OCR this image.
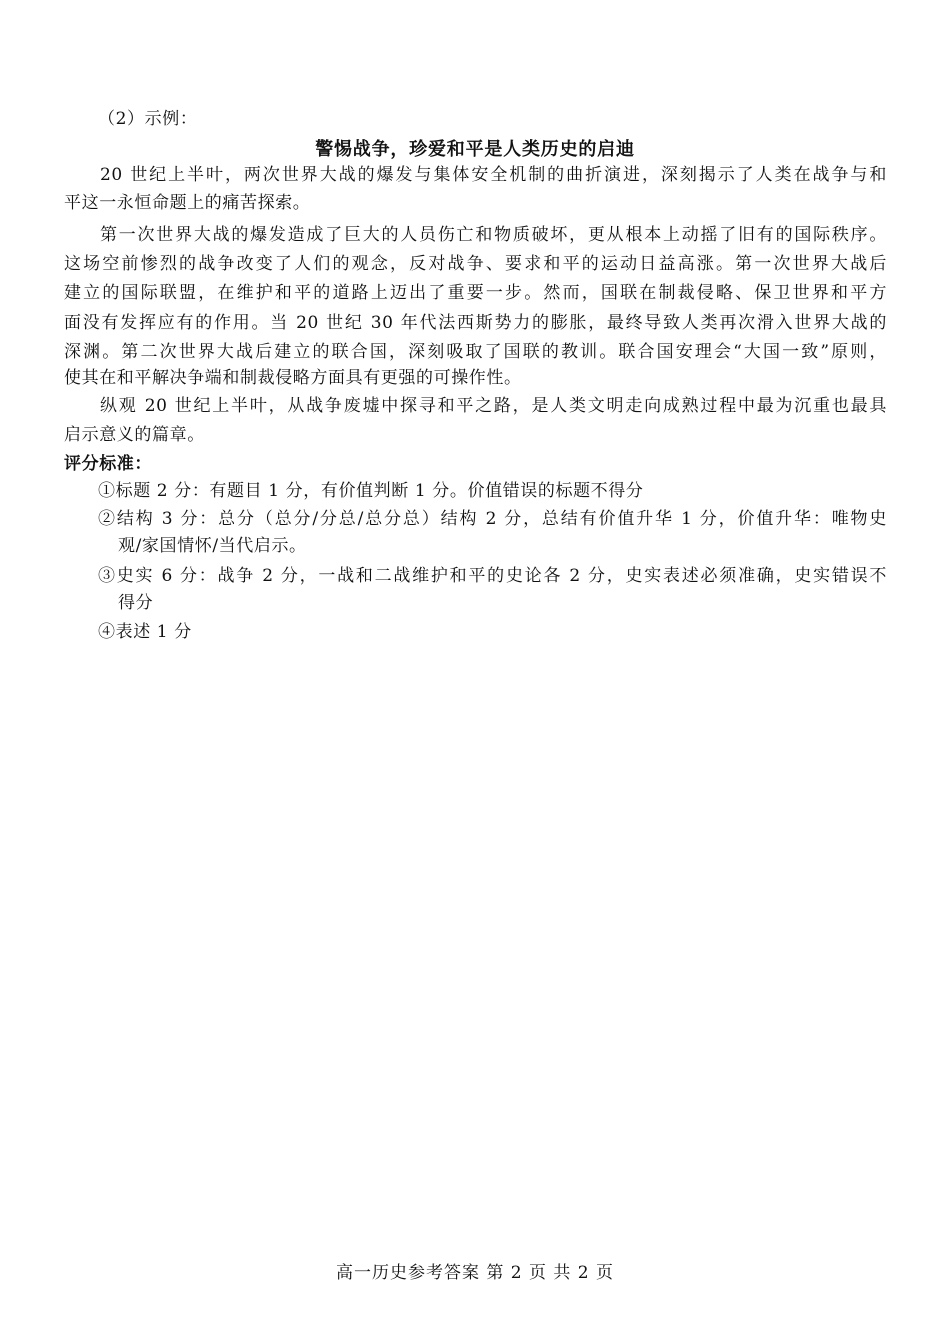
（2）示例：
警惕战争，珍爱和平是人类历史的启迪
20 世纪上半叶，两次世界大战的爆发与集体安全机制的曲折演进，深刻揭示了人类在战争与和
平这一永恒命题上的痛苦探索。
第一次世界大战的爆发造成了巨大的人员伤亡和物质破坏，更从根本上动摇了旧有的国际秩序。
这场空前惨烈的战争改变了人们的观念，反对战争、要求和平的运动日益高涨。第一次世界大战后
建立的国际联盟，在维护和平的道路上迈出了重要一步。然而，国联在制裁侵略、保卫世界和平方
面没有发挥应有的作用。当 20 世纪 30 年代法西斯势力的膨胀，最终导致人类再次滑入世界大战的
深渊。第二次世界大战后建立的联合国，深刻吸取了国联的教训。联合国安理会“大国一致”原则，
使其在和平解决争端和制裁侵略方面具有更强的可操作性。
纵观 20 世纪上半叶，从战争废墟中探寻和平之路，是人类文明走向成熟过程中最为沉重也最具
启示意义的篇章。
评分标准：
①标题 2 分：有题目 1 分，有价值判断 1 分。价值错误的标题不得分
②结构 3 分：总分（总分/分总/总分总）结构 2 分，总结有价值升华 1 分，价值升华：唯物史
观/家国情怀/当代启示。
③史实 6 分：战争 2 分，一战和二战维护和平的史论各 2 分，史实表述必须准确，史实错误不
得分
④表述 1 分
高一历史参考答案 第 2 页 共 2 页
